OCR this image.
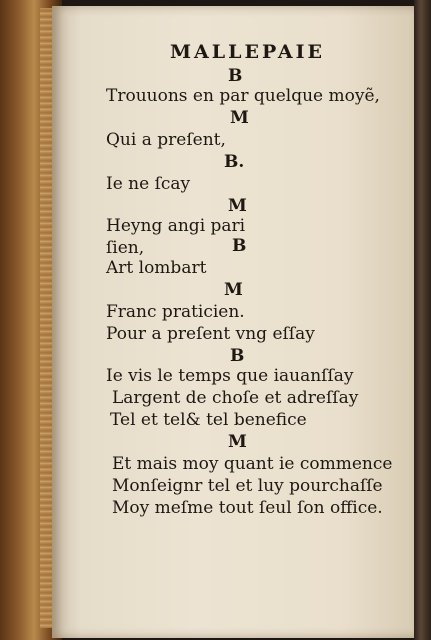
MALLEPAIE
B
Trouuons en par quelque moyẽ,
M
Qui a preſent,
B.
Ie ne ſcay
M
Heyng angi pari
ſien,	B
Art lombart
M
Franc praticien.
Pour a preſent vng eſſay
B
Ie vis le temps que iauanſſay
Largent de choſe et adreſſay
Tel et tel& tel benefice
M
Et mais moy quant ie commence
Monſeignr tel et luy pourchaſſe
Moy meſme tout ſeul ſon office.
